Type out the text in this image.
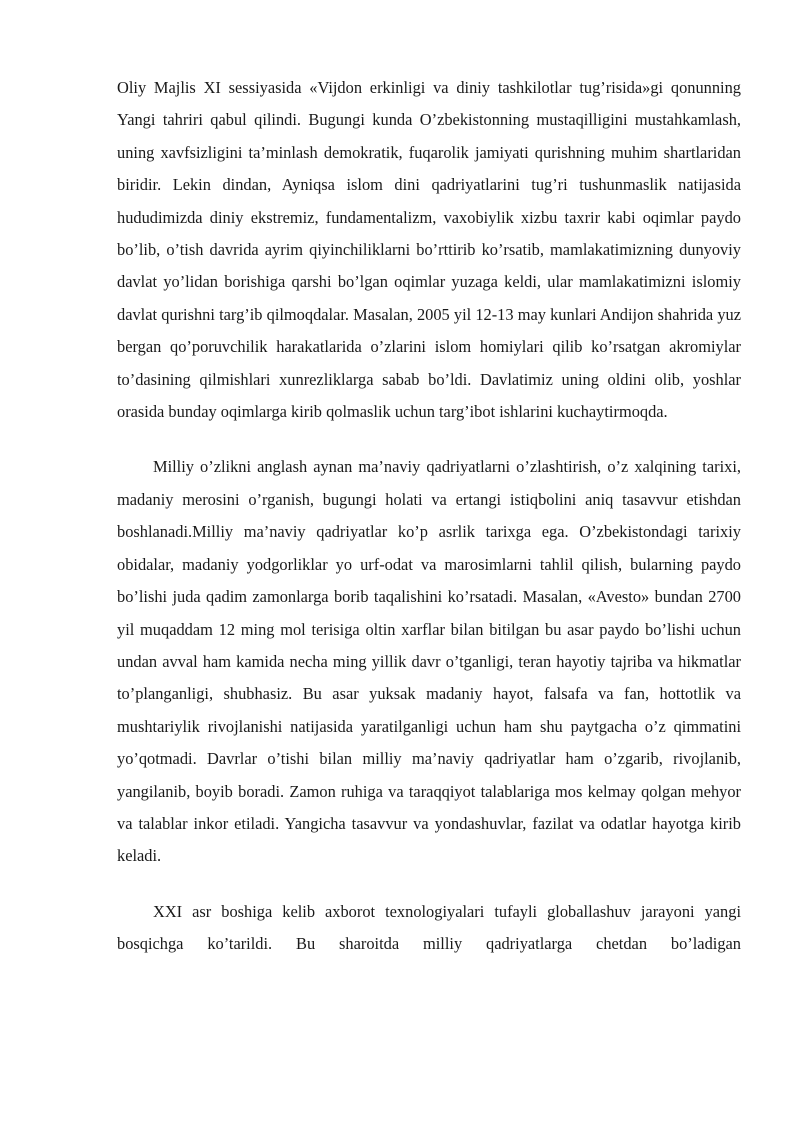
Oliy Majlis XI sessiyasida «Vijdon erkinligi va diniy tashkilotlar tug’risida»gi qonunning Yangi tahriri qabul qilindi. Bugungi kunda O’zbekistonning mustaqilligini mustahkamlash, uning xavfsizligini ta’minlash demokratik, fuqarolik jamiyati qurishning muhim shartlaridan biridir. Lekin dindan, Ayniqsa islom dini qadriyatlarini tug’ri tushunmaslik natijasida hududimizda diniy ekstremiz, fundamentalizm, vaxobiylik xizbu taxrir kabi oqimlar paydo bo’lib, o’tish davrida ayrim qiyinchiliklarni bo’rttirib ko’rsatib, mamlakatimizning dunyoviy davlat yo’lidan borishiga qarshi bo’lgan oqimlar yuzaga keldi, ular mamlakatimizni islomiy davlat qurishni targ’ib qilmoqdalar. Masalan, 2005 yil 12-13 may kunlari Andijon shahrida yuz bergan qo’poruvchilik harakatlarida o’zlarini islom homiylari qilib ko’rsatgan akromiylar to’dasining qilmishlari xunrezliklarga sabab bo’ldi. Davlatimiz uning oldini olib, yoshlar orasida bunday oqimlarga kirib qolmaslik uchun targ’ibot ishlarini kuchaytirmoqda.

Milliy o’zlikni anglash aynan ma’naviy qadriyatlarni o’zlashtirish, o’z xalqining tarixi, madaniy merosini o’rganish, bugungi holati va ertangi istiqbolini aniq tasavvur etishdan boshlanadi.Milliy ma’naviy qadriyatlar ko’p asrlik tarixga ega. O’zbekistondagi tarixiy obidalar, madaniy yodgorliklar yo urf-odat va marosimlarni tahlil qilish, bularning paydo bo’lishi juda qadim zamonlarga borib taqalishini ko’rsatadi. Masalan, «Avesto» bundan 2700 yil muqaddam 12 ming mol terisiga oltin xarflar bilan bitilgan bu asar paydo bo’lishi uchun undan avval ham kamida necha ming yillik davr o’tganligi, teran hayotiy tajriba va hikmatlar to’planganligi, shubhasiz. Bu asar yuksak madaniy hayot, falsafa va fan, hottotlik va mushtariylik rivojlanishi natijasida yaratilganligi uchun ham shu paytgacha o’z qimmatini yo’qotmadi. Davrlar o’tishi bilan milliy ma’naviy qadriyatlar ham o’zgarib, rivojlanib, yangilanib, boyib boradi. Zamon ruhiga va taraqqiyot talablariga mos kelmay qolgan mehyor va talablar inkor etiladi. Yangicha tasavvur va yondashuvlar, fazilat va odatlar hayotga kirib keladi.

XXI asr boshiga kelib axborot texnologiyalari tufayli globallashuv jarayoni yangi bosqichga ko’tarildi. Bu sharoitda milliy qadriyatlarga chetdan bo’ladigan
